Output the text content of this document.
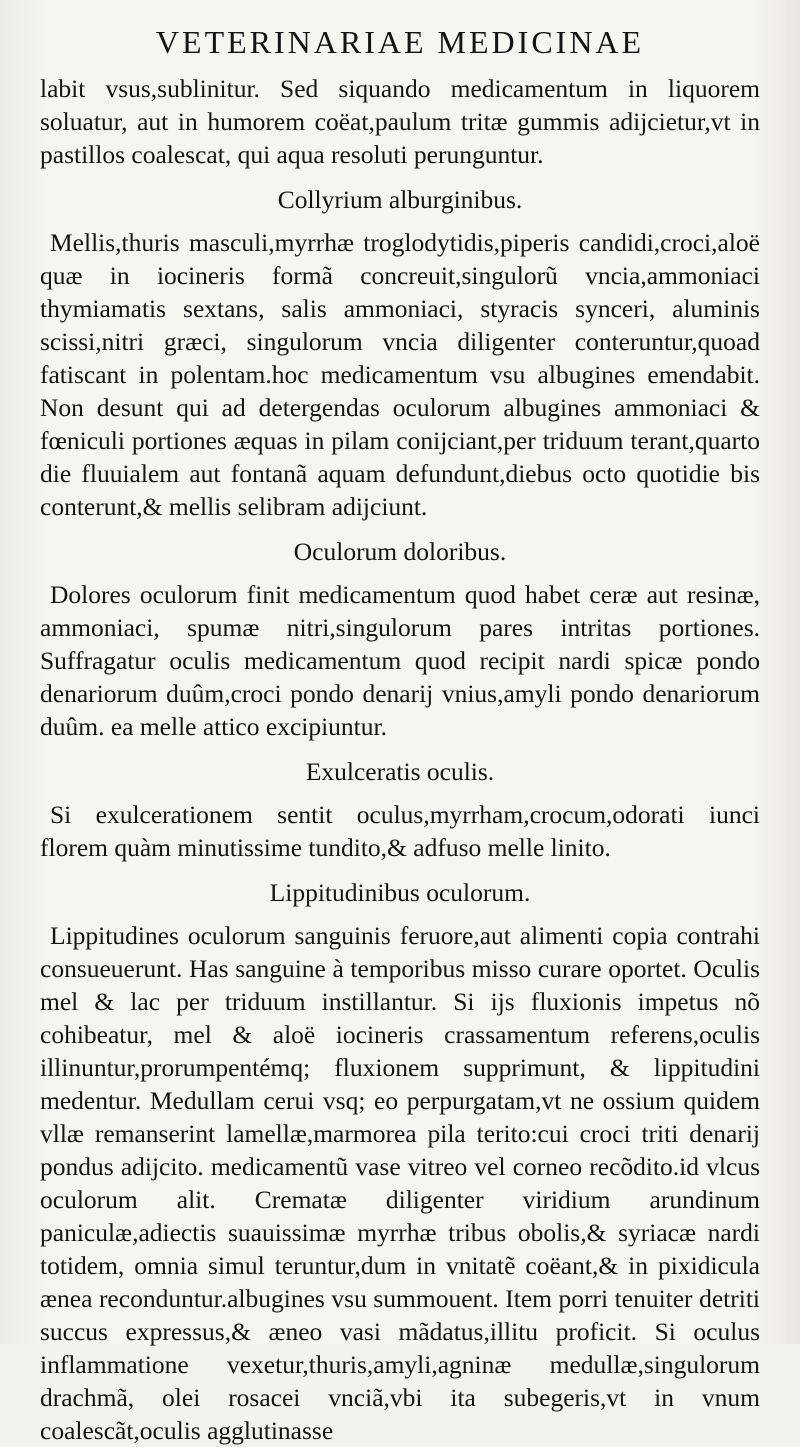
VETERINARIAE MEDICINAE

labit vsus,sublinitur. Sed siquando medicamentum in liquorem soluatur, aut in humorem coëat,paulum tritæ gummis adijcietur,vt in pastillos coalescat, qui aqua resoluti perunguntur.

Collyrium alburginibus.

Mellis,thuris masculi,myrrhæ troglodytidis,piperis candidi,croci,aloë quæ in iocineris formã concreuit,singulorũ vncia,ammoniaci thymiamatis sextans, salis ammoniaci, styracis synceri, aluminis scissi,nitri græci, singulorum vncia diligenter conteruntur,quoad fatiscant in polentam.hoc medicamentum vsu albugines emendabit. Non desunt qui ad detergendas oculorum albugines ammoniaci & fœniculi portiones æquas in pilam conijciant,per triduum terant,quarto die fluuialem aut fontanã aquam defundunt,diebus octo quotidie bis conterunt,& mellis selibram adijciunt.

Oculorum doloribus.

Dolores oculorum finit medicamentum quod habet ceræ aut resinæ, ammoniaci, spumæ nitri,singulorum pares intritas portiones. Suffragatur oculis medicamentum quod recipit nardi spicæ pondo denariorum duûm,croci pondo denarij vnius,amyli pondo denariorum duûm. ea melle attico excipiuntur.

Exulceratis oculis.

Si exulcerationem sentit oculus,myrrham,crocum,odorati iunci florem quàm minutissime tundito,& adfuso melle linito.

Lippitudinibus oculorum.

Lippitudines oculorum sanguinis feruore,aut alimenti copia contrahi consueuerunt. Has sanguine à temporibus misso curare oportet. Oculis mel & lac per triduum instillantur. Si ijs fluxionis impetus nõ cohibeatur, mel & aloë iocineris crassamentum referens,oculis illinuntur,prorumpentémq; fluxionem supprimunt, & lippitudini medentur. Medullam cerui vsq; eo perpurgatam,vt ne ossium quidem vllæ remanserint lamellæ,marmorea pila terito:cui croci triti denarij pondus adijcito. medicamentũ vase vitreo vel corneo recõdito.id vlcus oculorum alit. Crematæ diligenter viridium arundinum paniculæ,adiectis suauissimæ myrrhæ tribus obolis,& syriacæ nardi totidem, omnia simul teruntur,dum in vnitatẽ coëant,& in pixidicula ænea reconduntur.albugines vsu summouent. Item porri tenuiter detriti succus expressus,& æneo vasi mãdatus,illitu proficit. Si oculus inflammatione vexetur,thuris,amyli,agninæ medullæ,singulorum drachmã, olei rosacei vnciã,vbi ita subegeris,vt in vnum coalescãt,oculis agglutinasse
